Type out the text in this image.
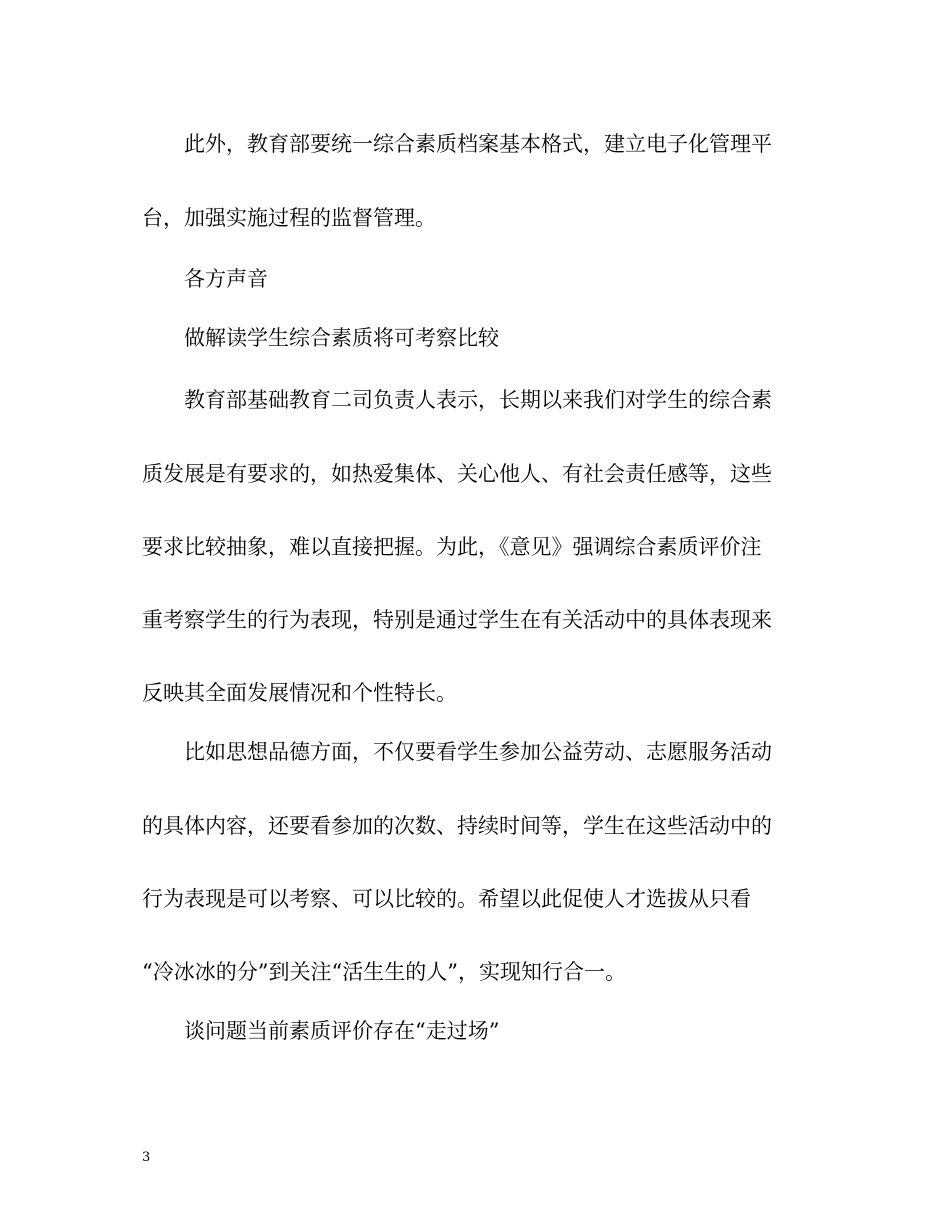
此外，教育部要统一综合素质档案基本格式，建立电子化管理平
台，加强实施过程的监督管理。
各方声音
做解读学生综合素质将可考察比较
教育部基础教育二司负责人表示，长期以来我们对学生的综合素
质发展是有要求的，如热爱集体、关心他人、有社会责任感等，这些
要求比较抽象，难以直接把握。为此，《意见》强调综合素质评价注
重考察学生的行为表现，特别是通过学生在有关活动中的具体表现来
反映其全面发展情况和个性特长。
比如思想品德方面，不仅要看学生参加公益劳动、志愿服务活动
的具体内容，还要看参加的次数、持续时间等，学生在这些活动中的
行为表现是可以考察、可以比较的。希望以此促使人才选拔从只看
“冷冰冰的分”到关注“活生生的人”，实现知行合一。
谈问题当前素质评价存在“走过场”
3
